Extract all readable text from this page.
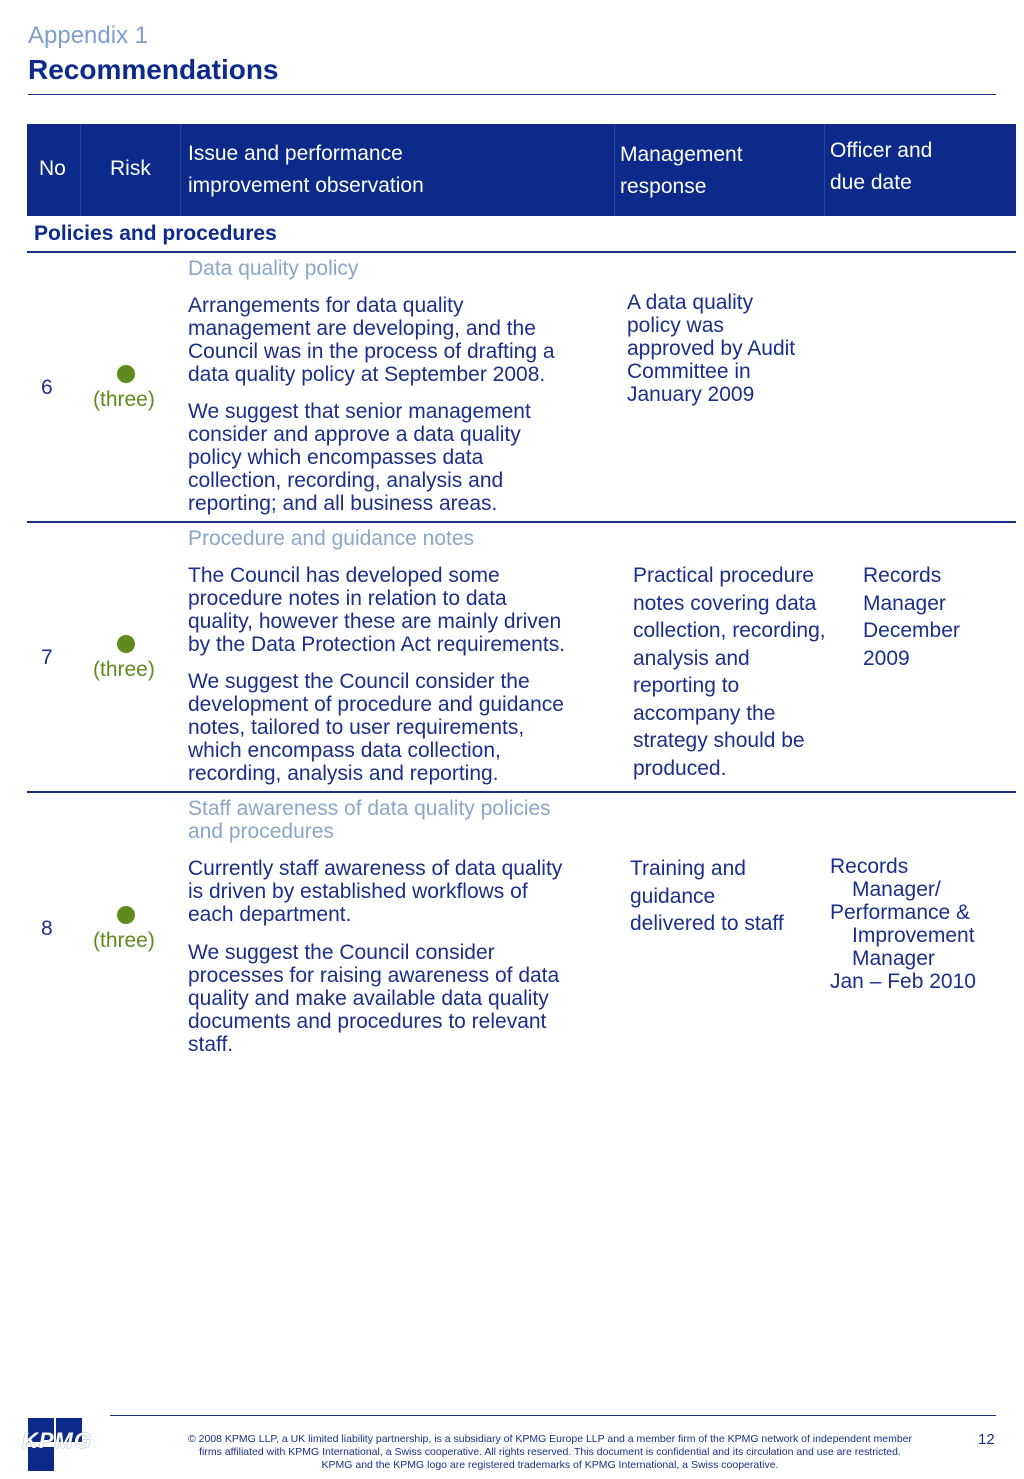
Appendix 1
Recommendations
No Risk
Issue and performance
improvement observation
Management
response
Officer and
due date
Policies and procedures
6
(three)
Data quality policy
Arrangements for data quality
management are developing, and the
Council was in the process of drafting a
data quality policy at September 2008.
We suggest that senior management
consider and approve a data quality
policy which encompasses data
collection, recording, analysis and
reporting; and all business areas.
A data quality
policy was
approved by Audit
Committee in
January 2009
7
(three)
Procedure and guidance notes
The Council has developed some
procedure notes in relation to data
quality, however these are mainly driven
by the Data Protection Act requirements.
We suggest the Council consider the
development of procedure and guidance
notes, tailored to user requirements,
which encompass data collection,
recording, analysis and reporting.
Practical procedure
notes covering data
collection, recording,
analysis and
reporting to
accompany the
strategy should be
produced.
Records
Manager
December
2009
8
(three)
Staff awareness of data quality policies
and procedures
Currently staff awareness of data quality
is driven by established workflows of
each department.
We suggest the Council consider
processes for raising awareness of data
quality and make available data quality
documents and procedures to relevant
staff.
Training and
guidance
delivered to staff

Records Manager/

Performance & Improvement Manager

Jan – Feb 2010

KPMG	© 2008 KPMG LLP, a UK limited liability partnership, is a subsidiary of KPMG Europe LLP and a member firm of the KPMG network of independent member
firms affiliated with KPMG International, a Swiss cooperative. All rights reserved. This document is confidential and its circulation and use are restricted.
KPMG and the KPMG logo are registered trademarks of KPMG International, a Swiss cooperative.
12
